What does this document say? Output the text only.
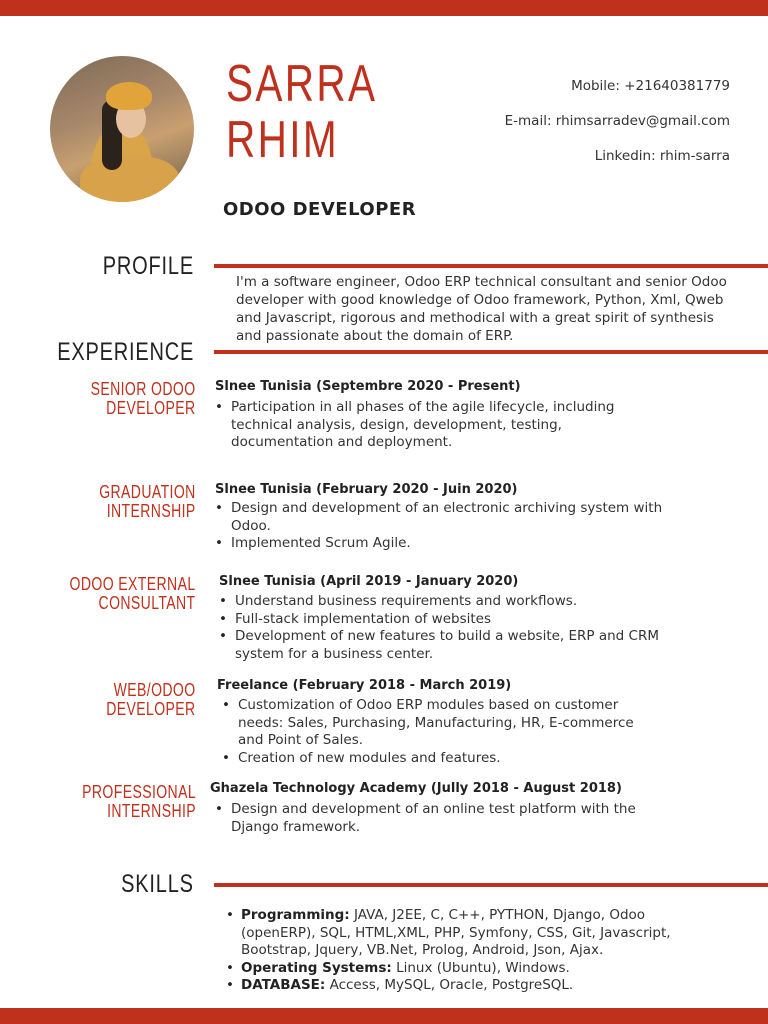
SARRA
RHIM
Mobile: +21640381779
E-mail: rhimsarradev@gmail.com
Linkedin: rhim-sarra
ODOO DEVELOPER
PROFILE

I'm a software engineer, Odoo ERP technical consultant and senior Odoo developer with good knowledge of Odoo framework, Python, Xml, Qweb and Javascript, rigorous and methodical with a great spirit of synthesis and passionate about the domain of ERP.

EXPERIENCE
SENIOR ODOO
DEVELOPER
Slnee Tunisia (Septembre 2020 - Present)
• Participation in all phases of the agile lifecycle, including technical analysis, design, development, testing, documentation and deployment.
GRADUATION
INTERNSHIP
Slnee Tunisia (February 2020 - Juin 2020)
• Design and development of an electronic archiving system with Odoo.
• Implemented Scrum Agile.
ODOO EXTERNAL
CONSULTANT
Slnee Tunisia (April 2019 - January 2020)
• Understand business requirements and workflows.
• Full-stack implementation of websites
• Development of new features to build a website, ERP and CRM system for a business center.
WEB/ODOO
DEVELOPER
Freelance (February 2018 - March 2019)
• Customization of Odoo ERP modules based on customer needs: Sales, Purchasing, Manufacturing, HR, E-commerce and Point of Sales.
• Creation of new modules and features.
PROFESSIONAL
INTERNSHIP
Ghazela Technology Academy (Jully 2018 - August 2018)
• Design and development of an online test platform with the Django framework.
SKILLS
• Programming: JAVA, J2EE, C, C++, PYTHON, Django, Odoo (openERP), SQL, HTML,XML, PHP, Symfony, CSS, Git, Javascript, Bootstrap, Jquery, VB.Net, Prolog, Android, Json, Ajax.
• Operating Systems: Linux (Ubuntu), Windows.
• DATABASE: Access, MySQL, Oracle, PostgreSQL.
